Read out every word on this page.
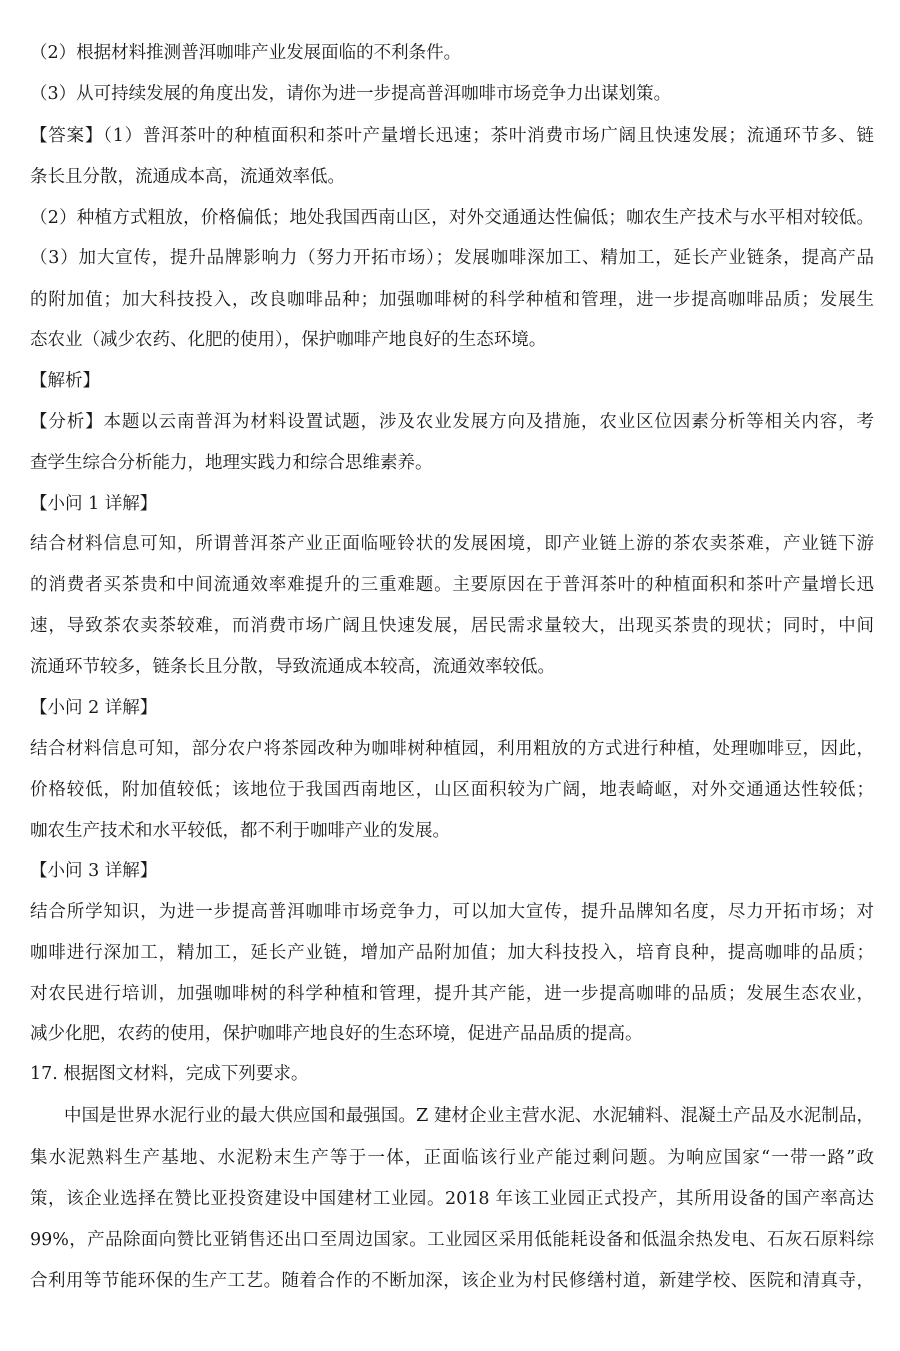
（2）根据材料推测普洱咖啡产业发展面临的不利条件。
（3）从可持续发展的角度出发，请你为进一步提高普洱咖啡市场竞争力出谋划策。
【答案】（1）普洱茶叶的种植面积和茶叶产量增长迅速；茶叶消费市场广阔且快速发展；流通环节多、链
条长且分散，流通成本高，流通效率低。
（2）种植方式粗放，价格偏低；地处我国西南山区，对外交通通达性偏低；咖农生产技术与水平相对较低。
（3）加大宣传，提升品牌影响力（努力开拓市场）；发展咖啡深加工、精加工，延长产业链条，提高产品
的附加值；加大科技投入，改良咖啡品种；加强咖啡树的科学种植和管理，进一步提高咖啡品质；发展生
态农业（减少农药、化肥的使用），保护咖啡产地良好的生态环境。
【解析】
【分析】本题以云南普洱为材料设置试题，涉及农业发展方向及措施，农业区位因素分析等相关内容，考
查学生综合分析能力，地理实践力和综合思维素养。
【小问 1 详解】
结合材料信息可知，所谓普洱茶产业正面临哑铃状的发展困境，即产业链上游的茶农卖茶难，产业链下游
的消费者买茶贵和中间流通效率难提升的三重难题。主要原因在于普洱茶叶的种植面积和茶叶产量增长迅
速，导致茶农卖茶较难，而消费市场广阔且快速发展，居民需求量较大，出现买茶贵的现状；同时，中间
流通环节较多，链条长且分散，导致流通成本较高，流通效率较低。
【小问 2 详解】
结合材料信息可知，部分农户将茶园改种为咖啡树种植园，利用粗放的方式进行种植，处理咖啡豆，因此，
价格较低，附加值较低；该地位于我国西南地区，山区面积较为广阔，地表崎岖，对外交通通达性较低；
咖农生产技术和水平较低，都不利于咖啡产业的发展。
【小问 3 详解】
结合所学知识，为进一步提高普洱咖啡市场竞争力，可以加大宣传，提升品牌知名度，尽力开拓市场；对
咖啡进行深加工，精加工，延长产业链，增加产品附加值；加大科技投入，培育良种，提高咖啡的品质；
对农民进行培训，加强咖啡树的科学种植和管理，提升其产能，进一步提高咖啡的品质；发展生态农业，
减少化肥，农药的使用，保护咖啡产地良好的生态环境，促进产品品质的提高。
17. 根据图文材料，完成下列要求。
中国是世界水泥行业的最大供应国和最强国。Z 建材企业主营水泥、水泥辅料、混凝土产品及水泥制品，
集水泥熟料生产基地、水泥粉末生产等于一体，正面临该行业产能过剩问题。为响应国家“一带一路”政
策，该企业选择在赞比亚投资建设中国建材工业园。2018 年该工业园正式投产，其所用设备的国产率高达
99%，产品除面向赞比亚销售还出口至周边国家。工业园区采用低能耗设备和低温余热发电、石灰石原料综
合利用等节能环保的生产工艺。随着合作的不断加深，该企业为村民修缮村道，新建学校、医院和清真寺，
